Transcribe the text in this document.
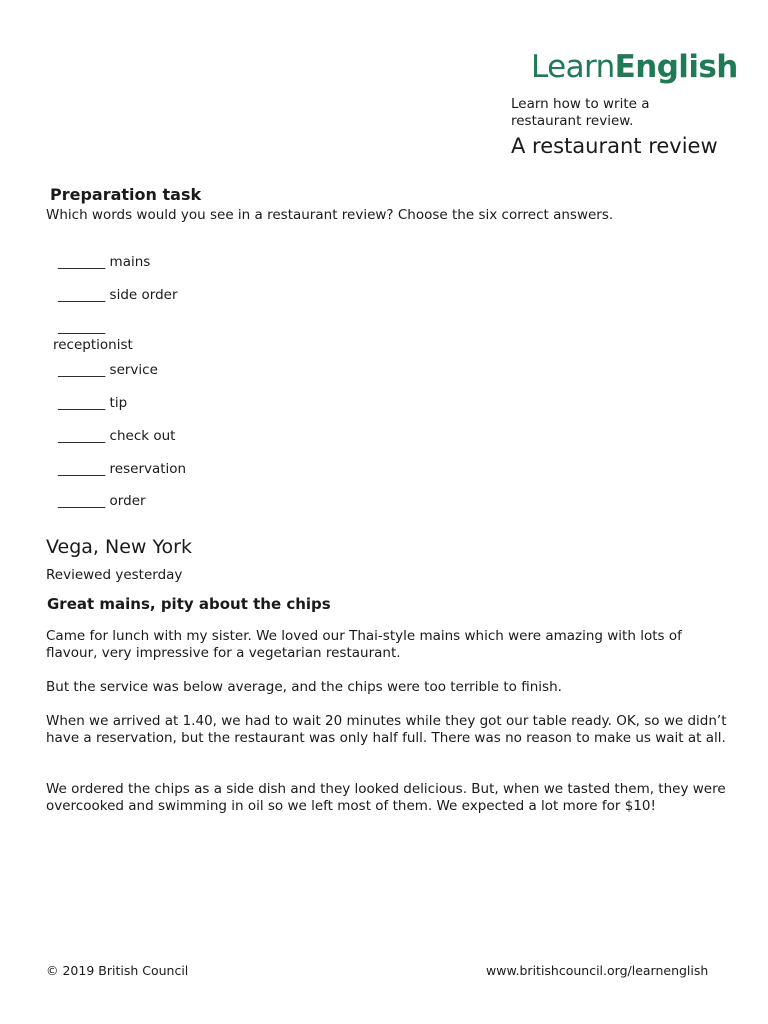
LearnEnglish
Learn how to write a restaurant review.
A restaurant review
Preparation task
Which words would you see in a restaurant review? Choose the six correct answers.
_______ mains
_______ side order
_______
receptionist
_______ service
_______ tip
_______ check out
_______ reservation
_______ order
Vega, New York
Reviewed yesterday
Great mains, pity about the chips
Came for lunch with my sister. We loved our Thai-style mains which were amazing with lots of flavour, very impressive for a vegetarian restaurant.
But the service was below average, and the chips were too terrible to finish.
When we arrived at 1.40, we had to wait 20 minutes while they got our table ready. OK, so we didn’t have a reservation, but the restaurant was only half full. There was no reason to make us wait at all.
We ordered the chips as a side dish and they looked delicious. But, when we tasted them, they were overcooked and swimming in oil so we left most of them. We expected a lot more for $10!
© 2019 British Council	www.britishcouncil.org/learnenglish
